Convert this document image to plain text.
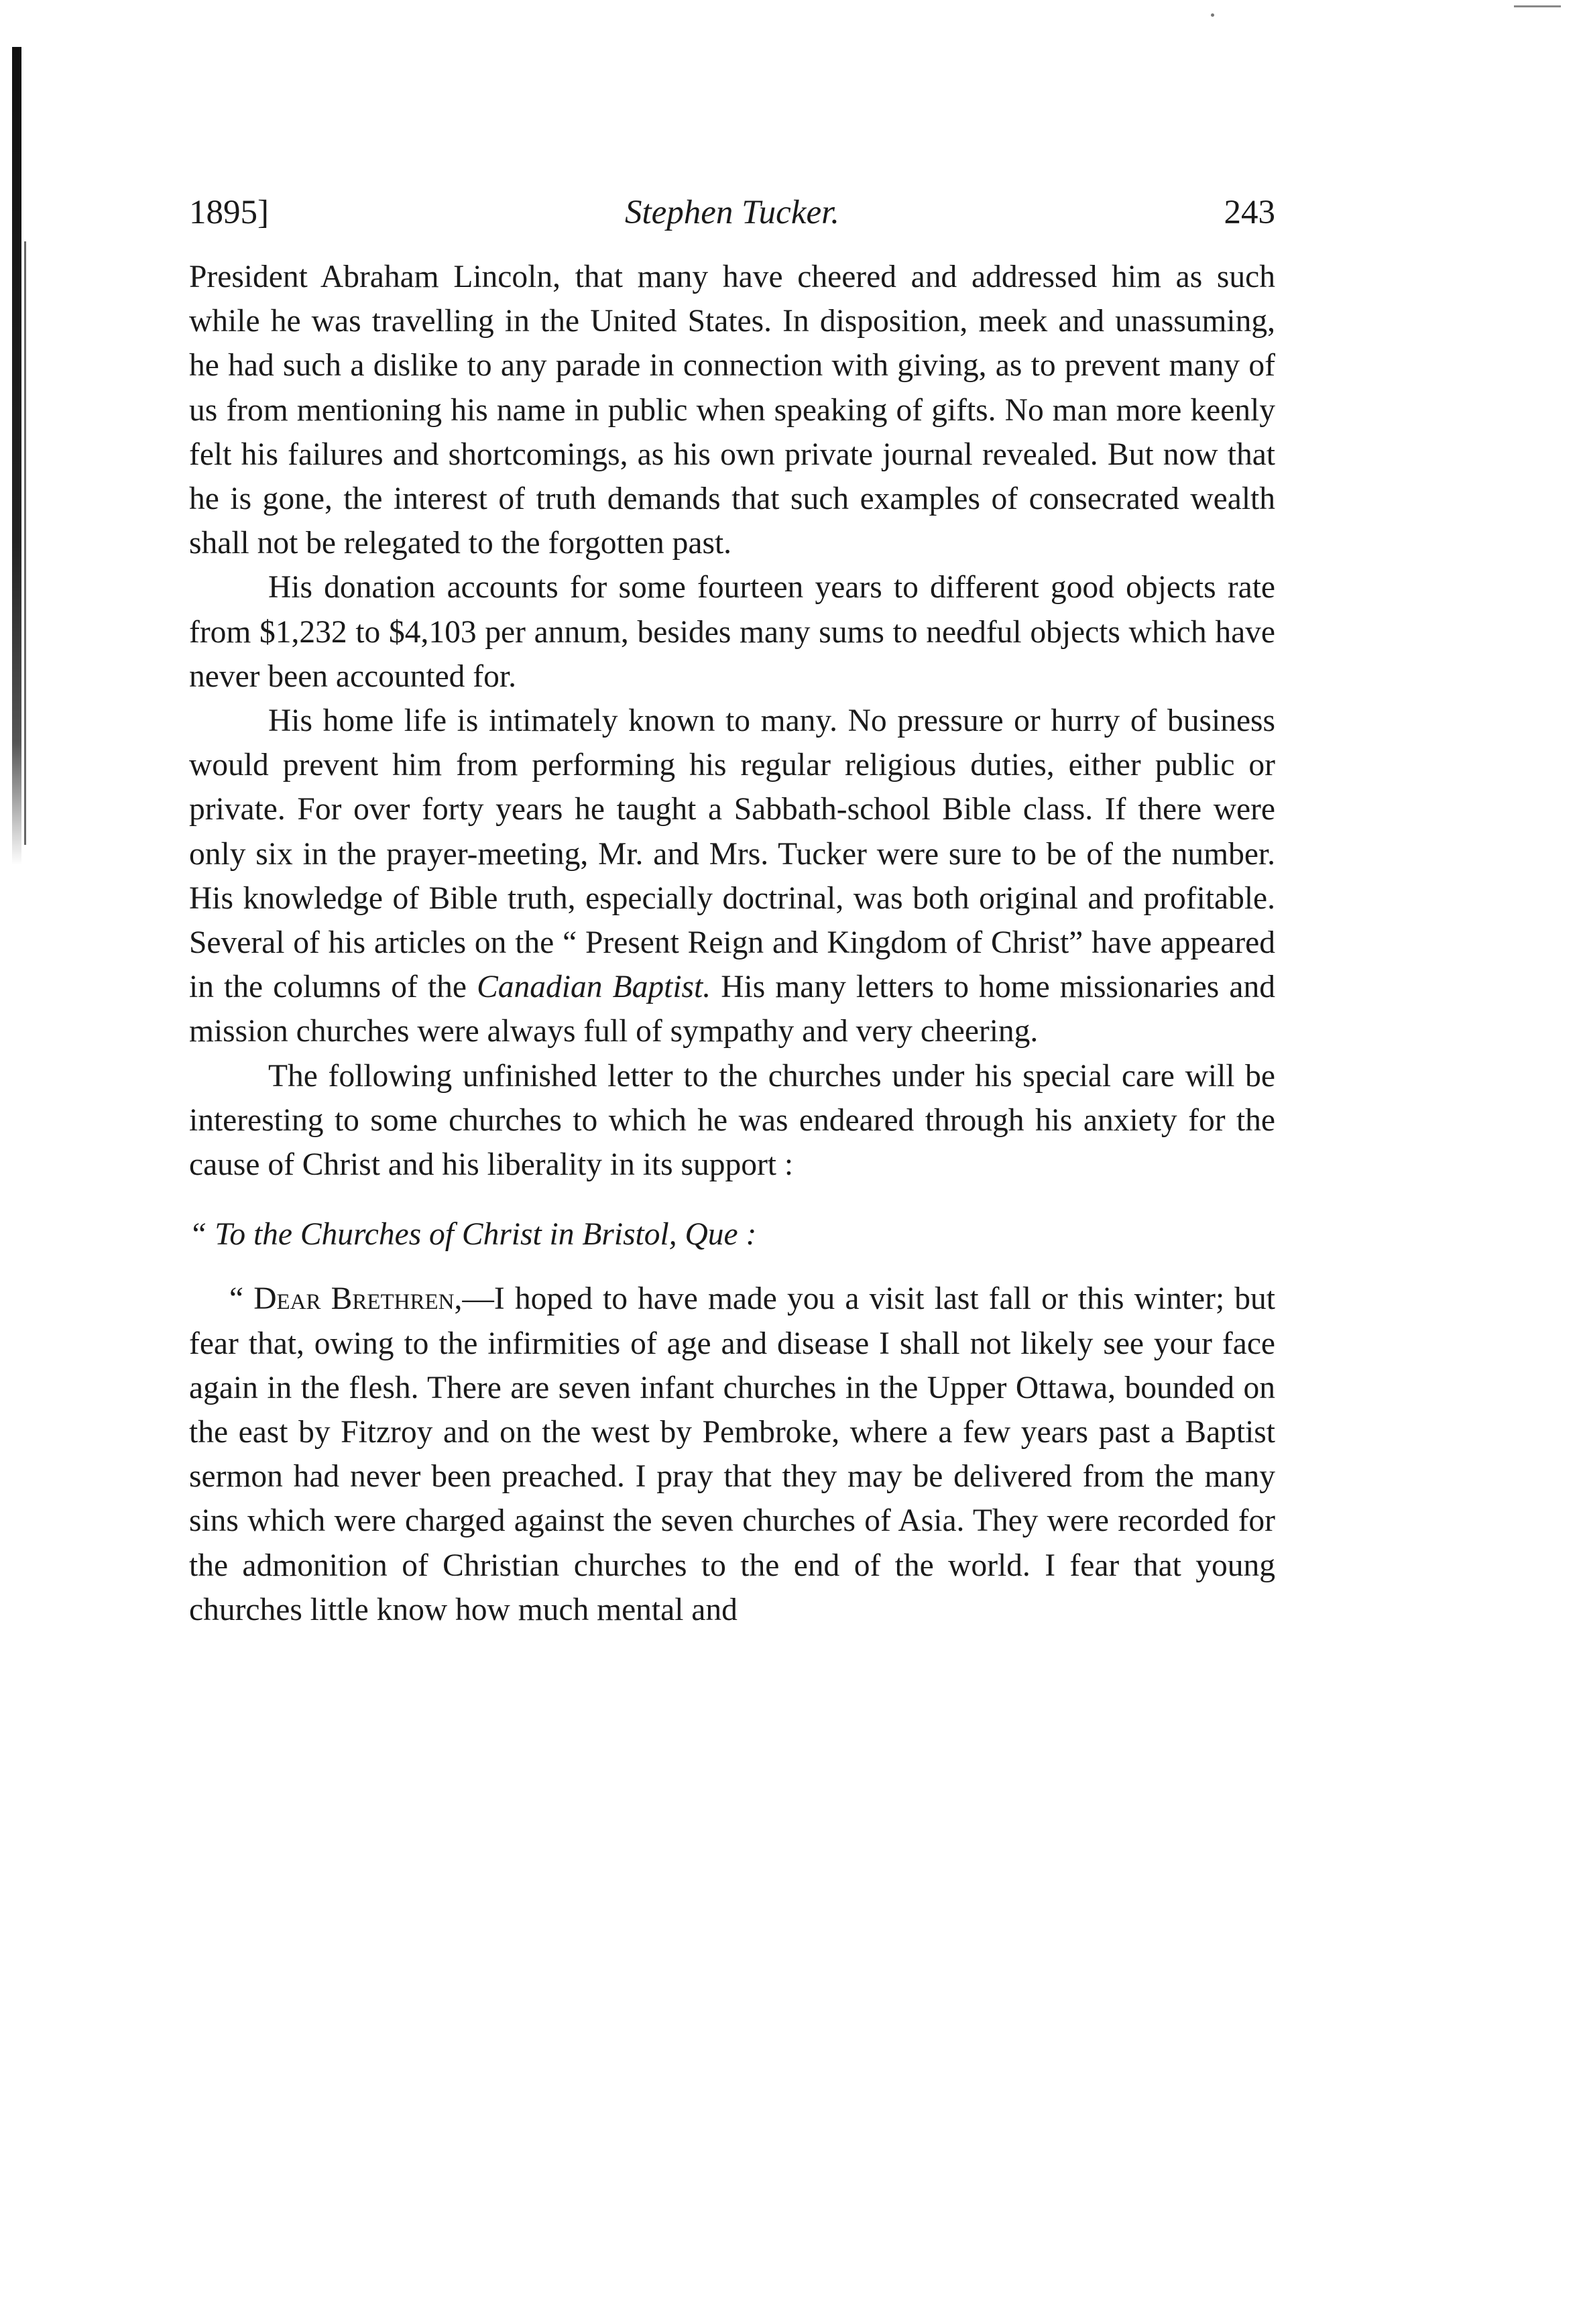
1895]	Stephen Tucker.	243

President Abraham Lincoln, that many have cheered and addressed him as such while he was travelling in the United States. In disposition, meek and unassuming, he had such a dislike to any parade in connection with giving, as to prevent many of us from mentioning his name in public when speaking of gifts. No man more keenly felt his failures and shortcomings, as his own private journal revealed. But now that he is gone, the interest of truth demands that such examples of consecrated wealth shall not be relegated to the forgotten past.

His donation accounts for some fourteen years to different good objects rate from $1,232 to $4,103 per annum, besides many sums to needful objects which have never been accounted for.

His home life is intimately known to many. No pressure or hurry of business would prevent him from performing his regular religious duties, either public or private. For over forty years he taught a Sabbath-school Bible class. If there were only six in the prayer-meeting, Mr. and Mrs. Tucker were sure to be of the number. His knowledge of Bible truth, especially doctrinal, was both original and profitable. Several of his articles on the “ Present Reign and Kingdom of Christ” have appeared in the columns of the Canadian Baptist. His many letters to home missionaries and mission churches were always full of sympathy and very cheering.

The following unfinished letter to the churches under his special care will be interesting to some churches to which he was endeared through his anxiety for the cause of Christ and his liberality in its support :

“ To the Churches of Christ in Bristol, Que :

“ Dear Brethren,—I hoped to have made you a visit last fall or this winter; but fear that, owing to the infirmities of age and disease I shall not likely see your face again in the flesh. There are seven infant churches in the Upper Ottawa, bounded on the east by Fitzroy and on the west by Pembroke, where a few years past a Baptist sermon had never been preached. I pray that they may be delivered from the many sins which were charged against the seven churches of Asia. They were recorded for the admonition of Christian churches to the end of the world. I fear that young churches little know how much mental and
